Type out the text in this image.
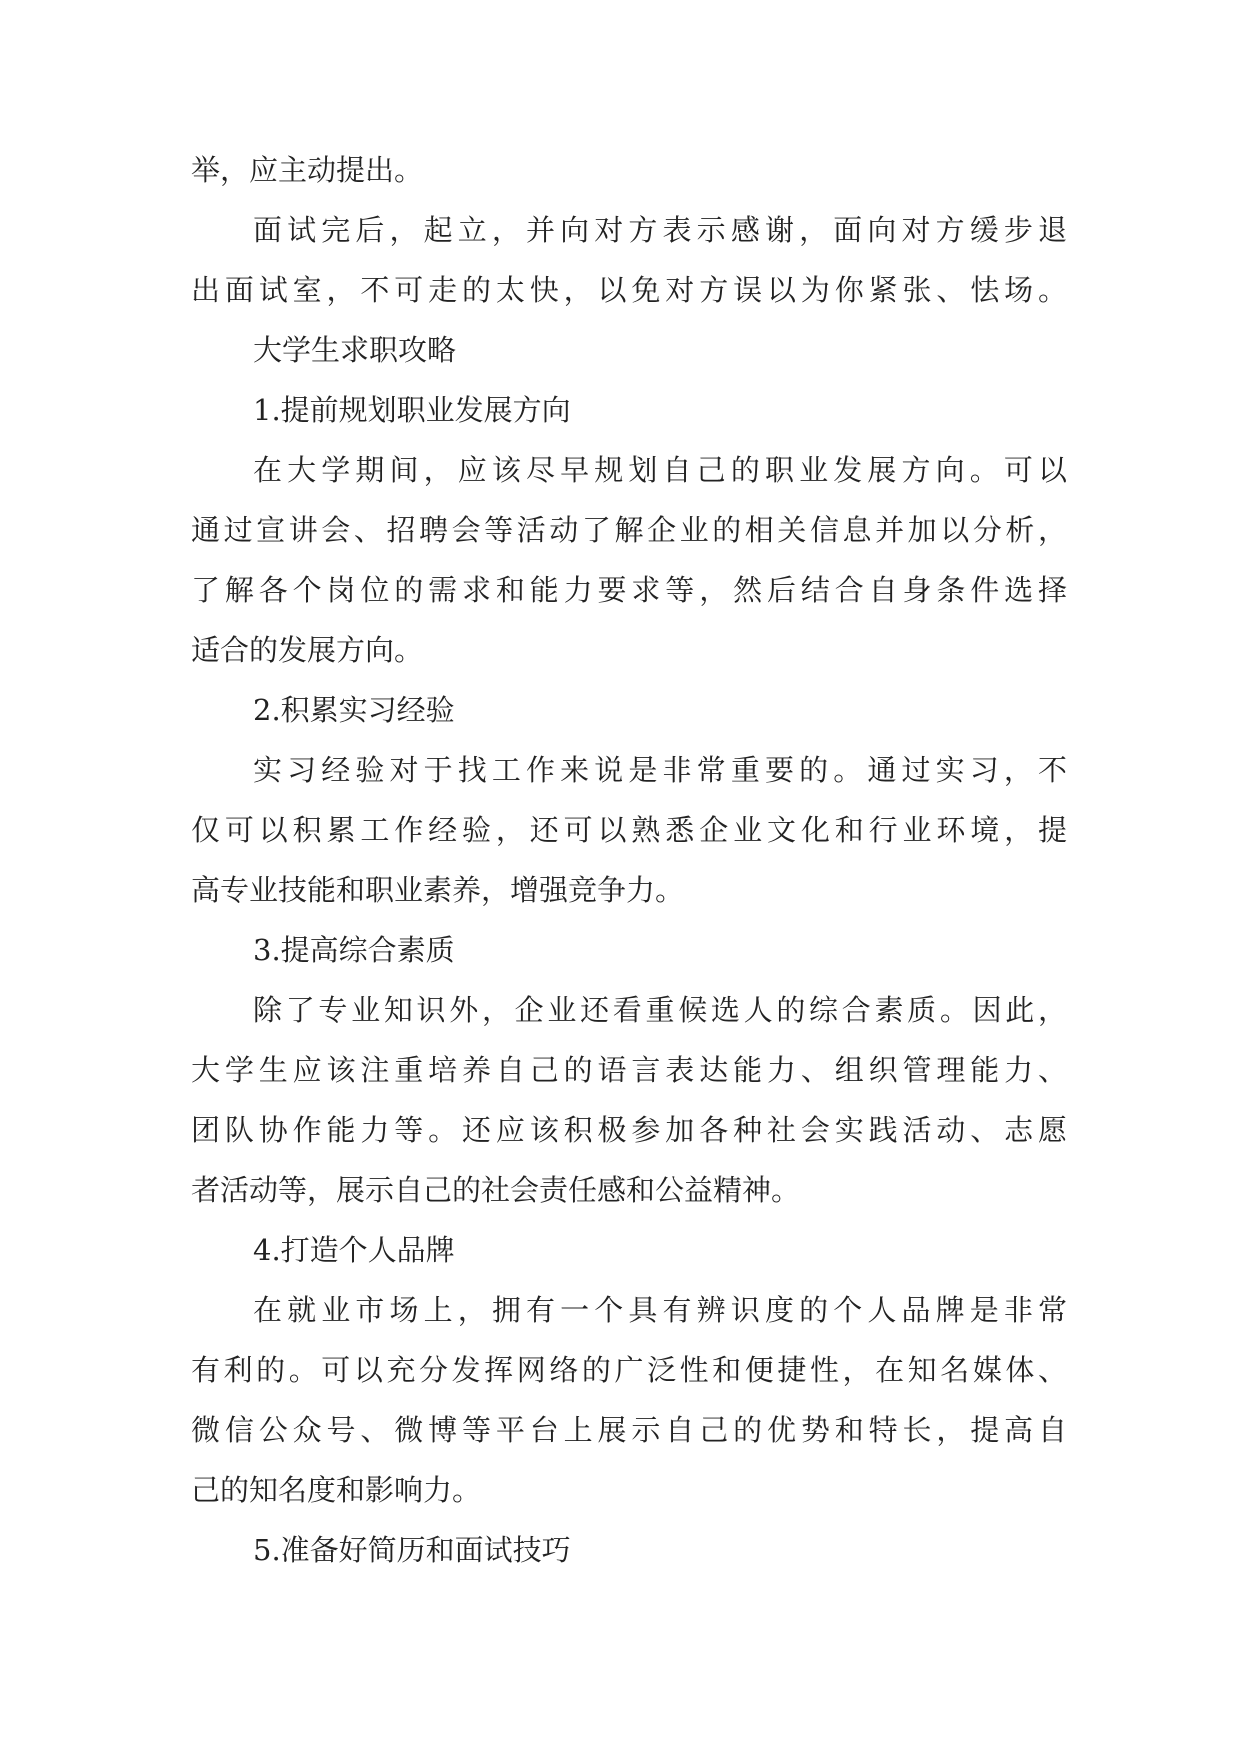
举，应主动提出。
面试完后，起立，并向对方表示感谢，面向对方缓步退
出面试室，不可走的太快，以免对方误以为你紧张、怯场。
大学生求职攻略
1.提前规划职业发展方向
在大学期间，应该尽早规划自己的职业发展方向。可以
通过宣讲会、招聘会等活动了解企业的相关信息并加以分析，
了解各个岗位的需求和能力要求等，然后结合自身条件选择
适合的发展方向。
2.积累实习经验
实习经验对于找工作来说是非常重要的。通过实习，不
仅可以积累工作经验，还可以熟悉企业文化和行业环境，提
高专业技能和职业素养，增强竞争力。
3.提高综合素质
除了专业知识外，企业还看重候选人的综合素质。因此，
大学生应该注重培养自己的语言表达能力、组织管理能力、
团队协作能力等。还应该积极参加各种社会实践活动、志愿
者活动等，展示自己的社会责任感和公益精神。
4.打造个人品牌
在就业市场上，拥有一个具有辨识度的个人品牌是非常
有利的。可以充分发挥网络的广泛性和便捷性，在知名媒体、
微信公众号、微博等平台上展示自己的优势和特长，提高自
己的知名度和影响力。
5.准备好简历和面试技巧
